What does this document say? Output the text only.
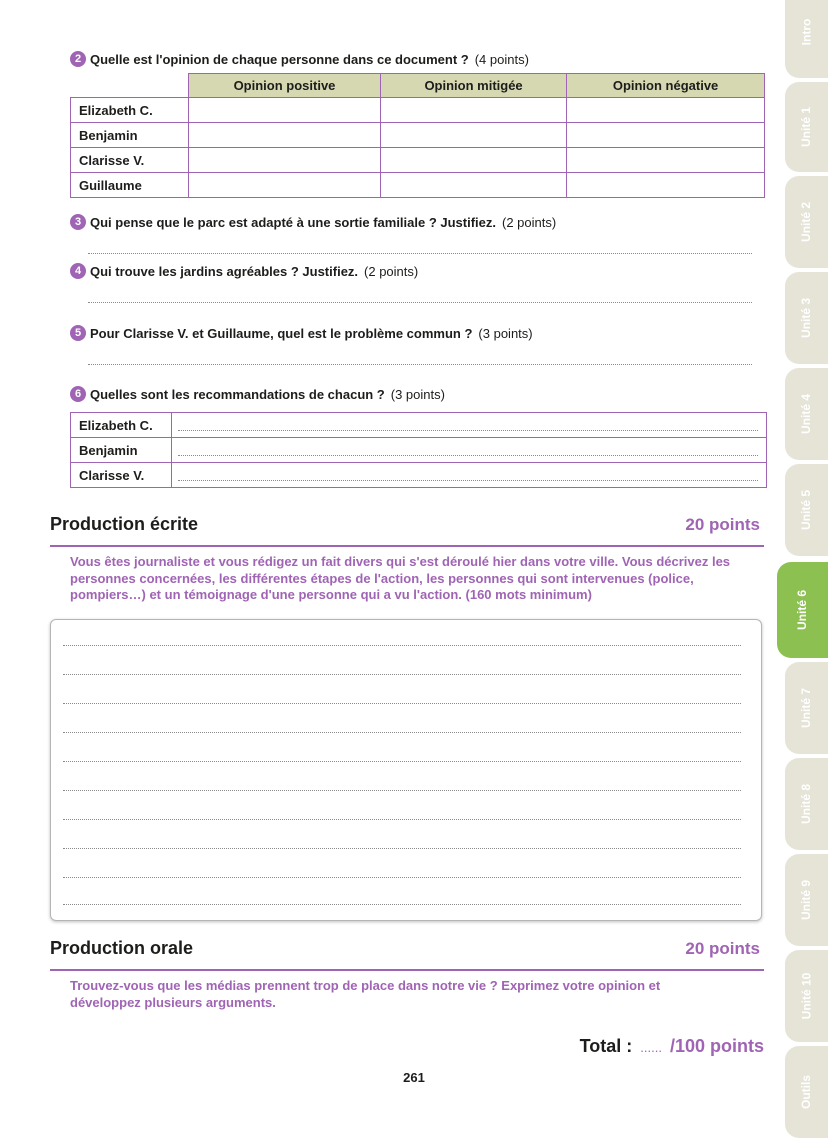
2 Quelle est l'opinion de chaque personne dans ce document ? (4 points)
	Opinion positive	Opinion mitigée	Opinion négative
Elizabeth C.			
Benjamin			
Clarisse V.			
Guillaume			
3 Qui pense que le parc est adapté à une sortie familiale ? Justifiez. (2 points)
4 Qui trouve les jardins agréables ? Justifiez. (2 points)
5 Pour Clarisse V. et Guillaume, quel est le problème commun ? (3 points)
6 Quelles sont les recommandations de chacun ? (3 points)
Elizabeth C.	
Benjamin	
Clarisse V.	
Production écrite	20 points
Vous êtes journaliste et vous rédigez un fait divers qui s'est déroulé hier dans votre ville. Vous décrivez les personnes concernées, les différentes étapes de l'action, les personnes qui sont intervenues (police, pompiers…) et un témoignage d'une personne qui a vu l'action. (160 mots minimum)
Production orale	20 points
Trouvez-vous que les médias prennent trop de place dans notre vie ? Exprimez votre opinion et développez plusieurs arguments.
Total : ...... /100 points
261
Intro
Unité 1
Unité 2
Unité 3
Unité 4
Unité 5
Unité 6
Unité 7
Unité 8
Unité 9
Unité 10
Outils
